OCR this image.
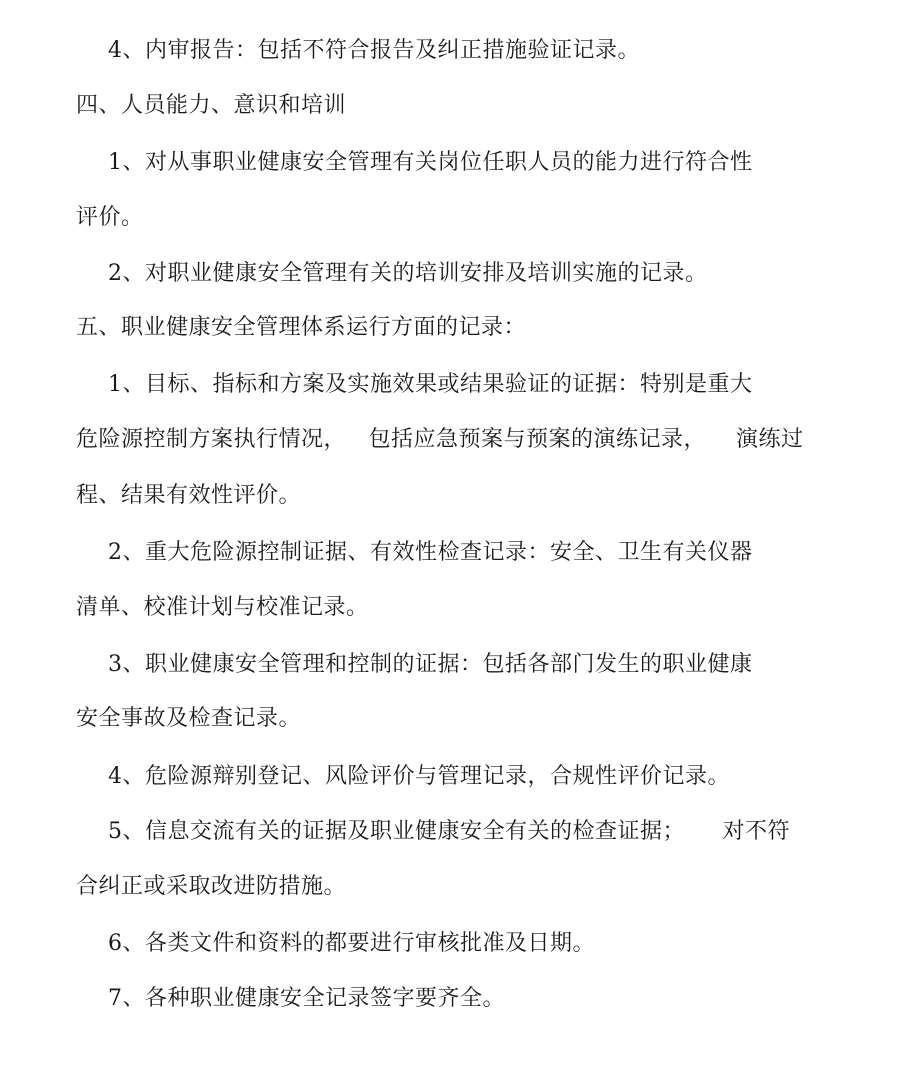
4、内审报告：包括不符合报告及纠正措施验证记录。
四、人员能力、意识和培训
1、对从事职业健康安全管理有关岗位任职人员的能力进行符合性
评价。
2、对职业健康安全管理有关的培训安排及培训实施的记录。
五、职业健康安全管理体系运行方面的记录：
1、目标、指标和方案及实施效果或结果验证的证据：特别是重大
危险源控制方案执行情况，   包括应急预案与预案的演练记录，    演练过
程、结果有效性评价。
2、重大危险源控制证据、有效性检查记录：安全、卫生有关仪器
清单、校准计划与校准记录。
3、职业健康安全管理和控制的证据：包括各部门发生的职业健康
安全事故及检查记录。
4、危险源辩别登记、风险评价与管理记录，合规性评价记录。
5、信息交流有关的证据及职业健康安全有关的检查证据；     对不符
合纠正或采取改进防措施。
6、各类文件和资料的都要进行审核批准及日期。
7、各种职业健康安全记录签字要齐全。
